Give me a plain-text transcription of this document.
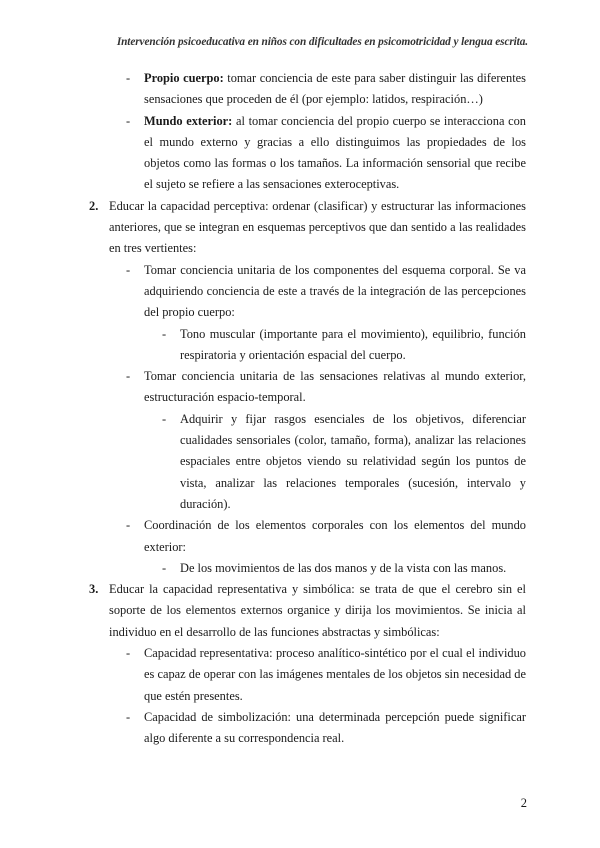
Intervención psicoeducativa en niños con dificultades en psicomotricidad y lengua escrita.
- Propio cuerpo: tomar conciencia de este para saber distinguir las diferentes sensaciones que proceden de él (por ejemplo: latidos, respiración…)
- Mundo exterior: al tomar conciencia del propio cuerpo se interacciona con el mundo externo y gracias a ello distinguimos las propiedades de los objetos como las formas o los tamaños. La información sensorial que recibe el sujeto se refiere a las sensaciones exteroceptivas.
2. Educar la capacidad perceptiva: ordenar (clasificar) y estructurar las informaciones anteriores, que se integran en esquemas perceptivos que dan sentido a las realidades en tres vertientes:
- Tomar conciencia unitaria de los componentes del esquema corporal. Se va adquiriendo conciencia de este a través de la integración de las percepciones del propio cuerpo:
- Tono muscular (importante para el movimiento), equilibrio, función respiratoria y orientación espacial del cuerpo.
- Tomar conciencia unitaria de las sensaciones relativas al mundo exterior, estructuración espacio-temporal.
- Adquirir y fijar rasgos esenciales de los objetivos, diferenciar cualidades sensoriales (color, tamaño, forma), analizar las relaciones espaciales entre objetos viendo su relatividad según los puntos de vista, analizar las relaciones temporales (sucesión, intervalo y duración).
- Coordinación de los elementos corporales con los elementos del mundo exterior:
- De los movimientos de las dos manos y de la vista con las manos.
3. Educar la capacidad representativa y simbólica: se trata de que el cerebro sin el soporte de los elementos externos organice y dirija los movimientos. Se inicia al individuo en el desarrollo de las funciones abstractas y simbólicas:
- Capacidad representativa: proceso analítico-sintético por el cual el individuo es capaz de operar con las imágenes mentales de los objetos sin necesidad de que estén presentes.
- Capacidad de simbolización: una determinada percepción puede significar algo diferente a su correspondencia real.
2
